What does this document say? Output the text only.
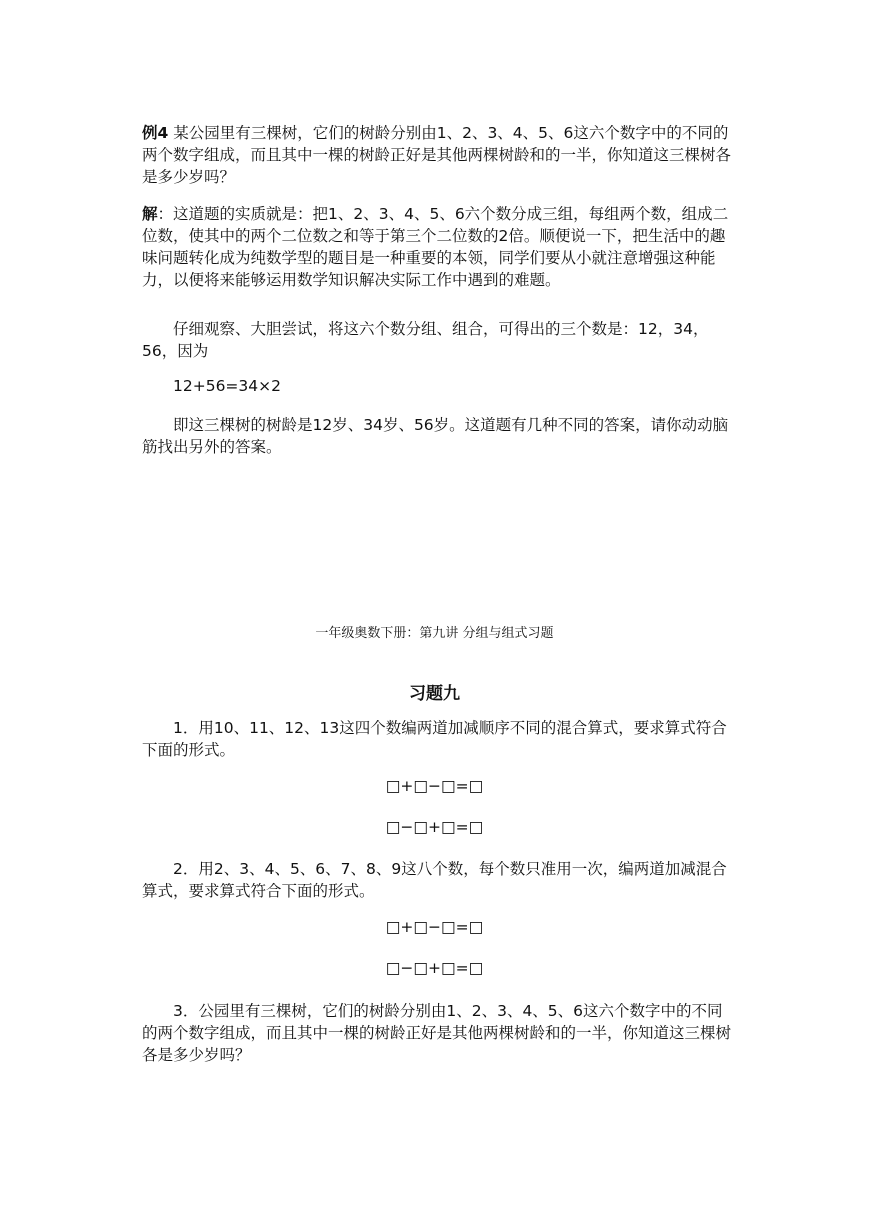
例4 某公园里有三棵树，它们的树龄分别由1、2、3、4、5、6这六个数字中的不同的两个数字组成，而且其中一棵的树龄正好是其他两棵树龄和的一半，你知道这三棵树各是多少岁吗？

解：这道题的实质就是：把1、2、3、4、5、6六个数分成三组，每组两个数，组成二位数，使其中的两个二位数之和等于第三个二位数的2倍。顺便说一下，把生活中的趣味问题转化成为纯数学型的题目是一种重要的本领，同学们要从小就注意增强这种能力，以便将来能够运用数学知识解决实际工作中遇到的难题。

仔细观察、大胆尝试，将这六个数分组、组合，可得出的三个数是：12，34，56，因为

12+56=34×2

即这三棵树的树龄是12岁、34岁、56岁。这道题有几种不同的答案，请你动动脑筋找出另外的答案。

一年级奥数下册：第九讲 分组与组式习题

习题九

1．用10、11、12、13这四个数编两道加减顺序不同的混合算式，要求算式符合下面的形式。

□+□−□=□

□−□+□=□

2．用2、3、4、5、6、7、8、9这八个数，每个数只准用一次，编两道加减混合算式，要求算式符合下面的形式。

□+□−□=□

□−□+□=□

3．公园里有三棵树，它们的树龄分别由1、2、3、4、5、6这六个数字中的不同的两个数字组成，而且其中一棵的树龄正好是其他两棵树龄和的一半，你知道这三棵树各是多少岁吗？
